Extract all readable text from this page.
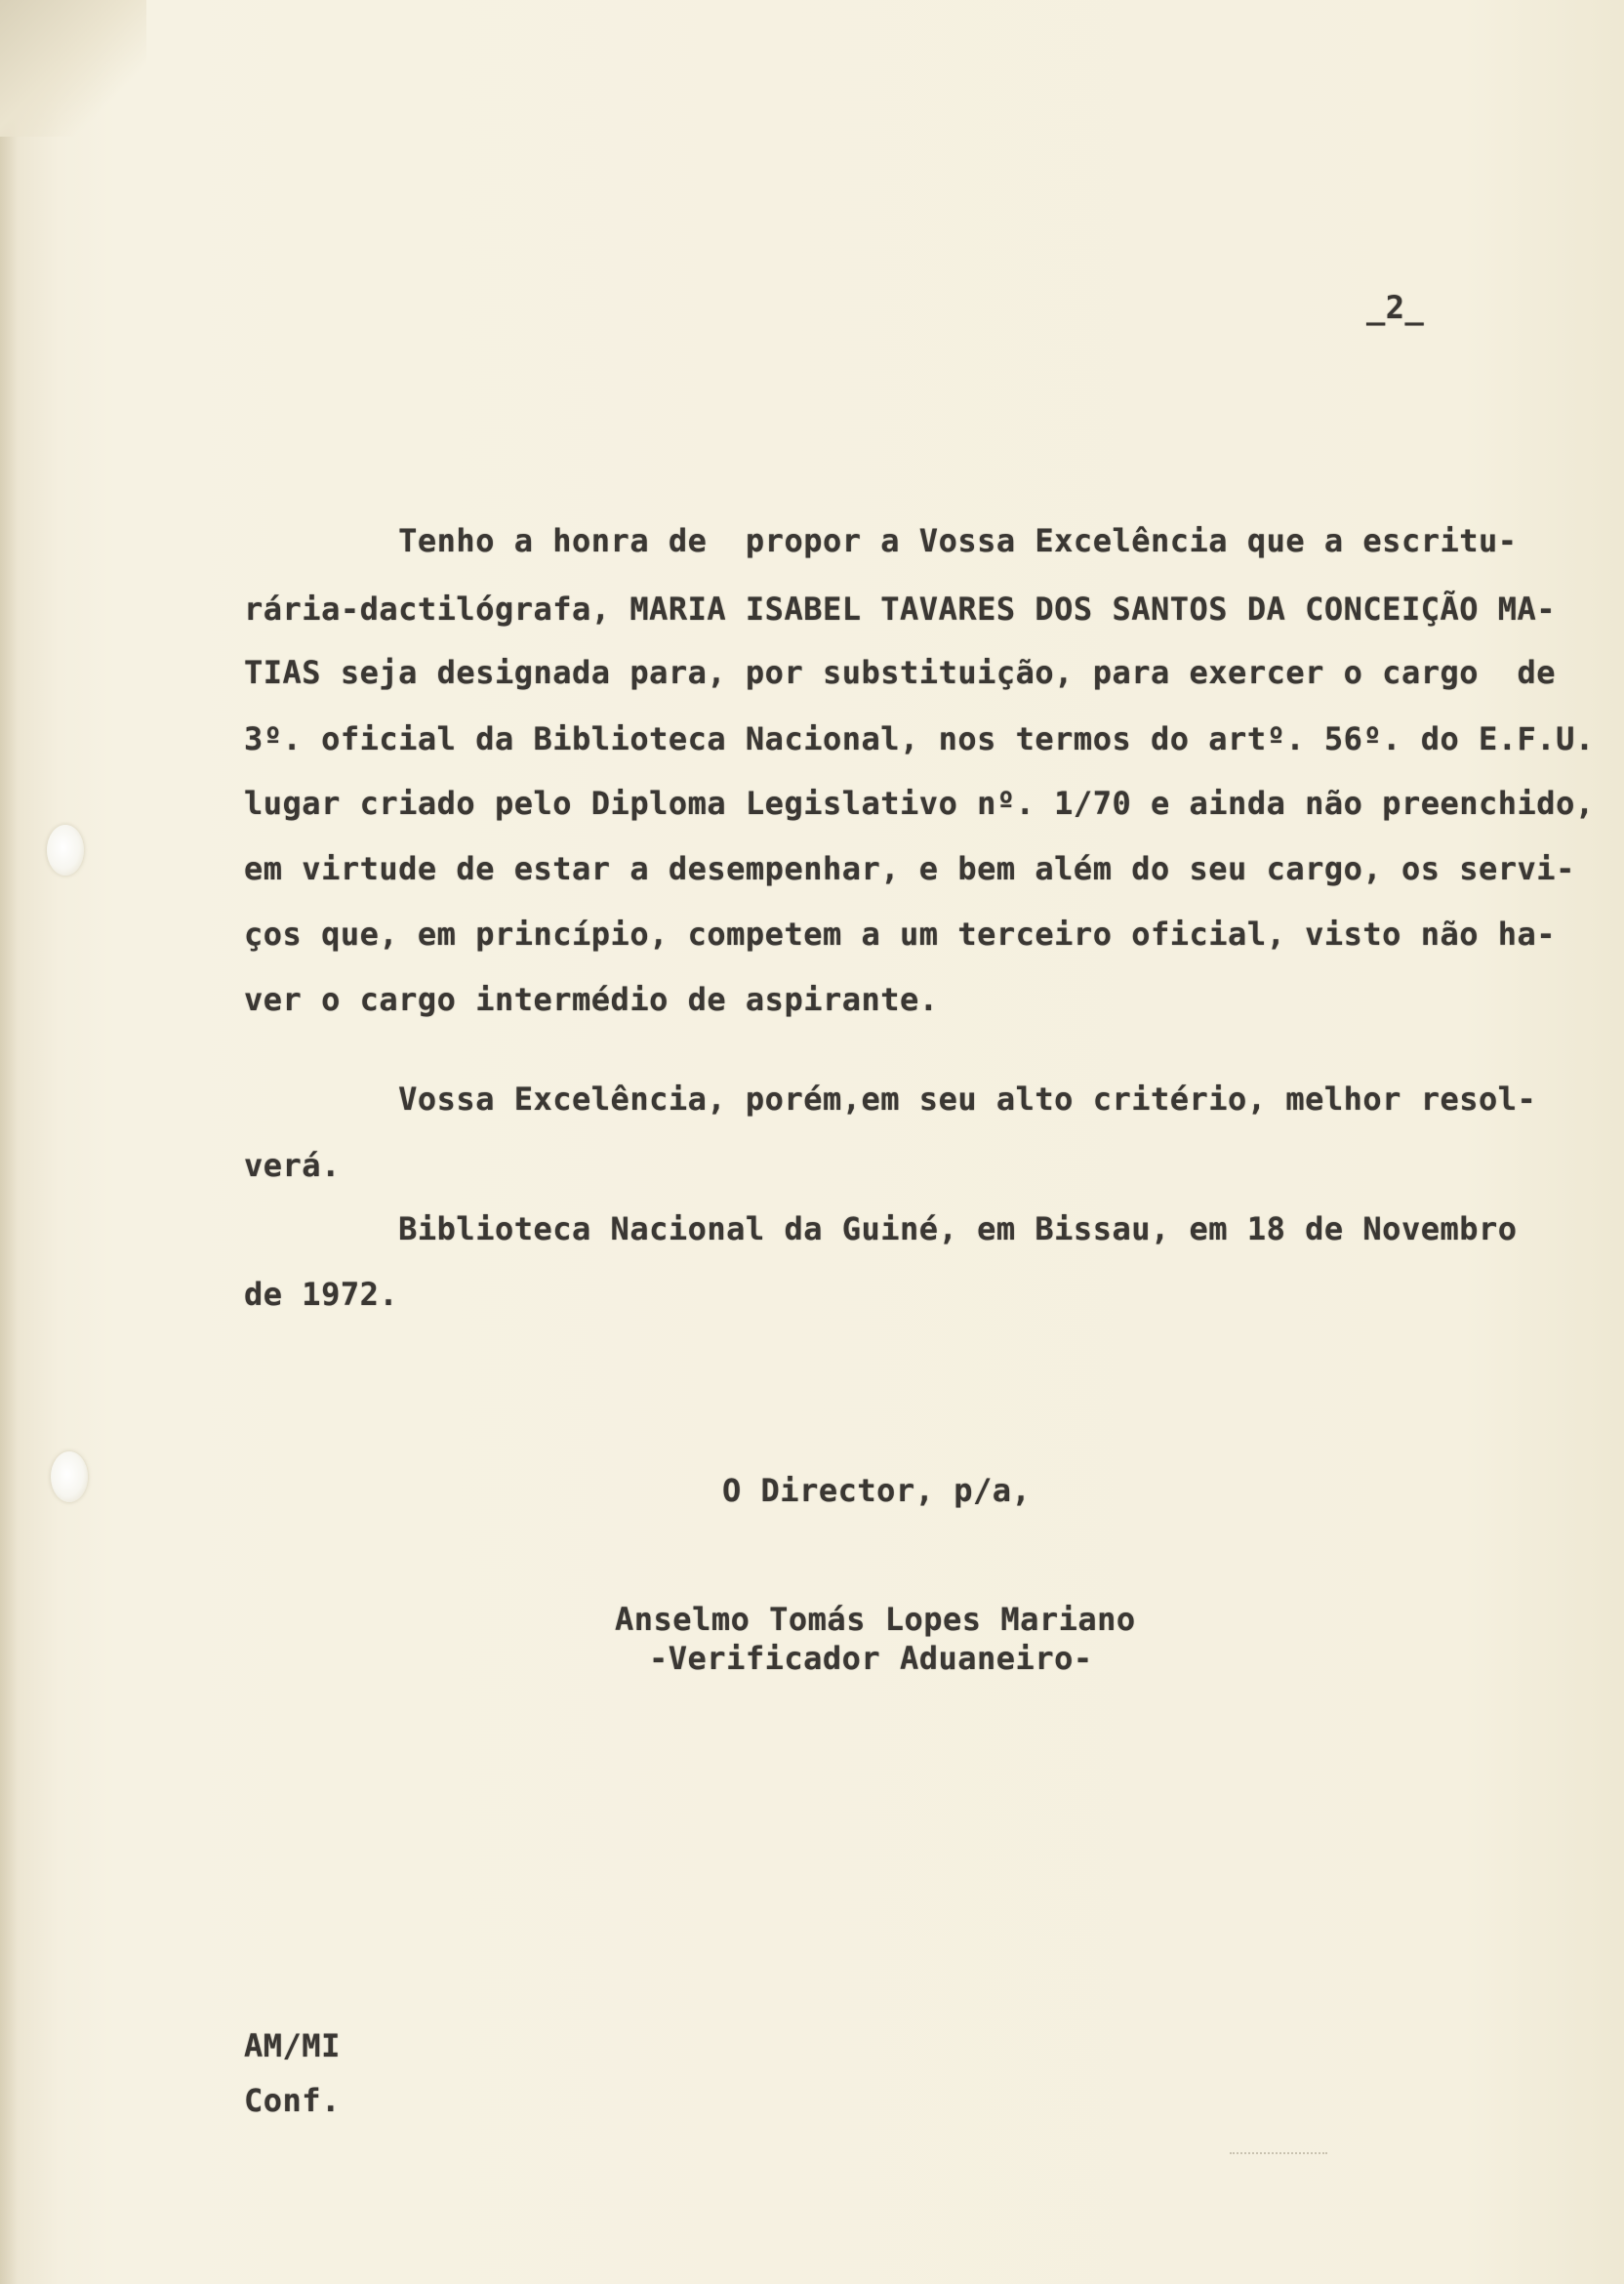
_2_
Tenho a honra de  propor a Vossa Excelência que a escritu-
rária-dactilógrafa, MARIA ISABEL TAVARES DOS SANTOS DA CONCEIÇÃO MA-
TIAS seja designada para, por substituição, para exercer o cargo  de
3º. oficial da Biblioteca Nacional, nos termos do artº. 56º. do E.F.U.
lugar criado pelo Diploma Legislativo nº. 1/70 e ainda não preenchido,
em virtude de estar a desempenhar, e bem além do seu cargo, os servi-
ços que, em princípio, competem a um terceiro oficial, visto não ha-
ver o cargo intermédio de aspirante.
Vossa Excelência, porém,em seu alto critério, melhor resol-
verá.
Biblioteca Nacional da Guiné, em Bissau, em 18 de Novembro
de 1972.
O Director, p/a,
Anselmo Tomás Lopes Mariano
-Verificador Aduaneiro-
AM/MI
Conf.
